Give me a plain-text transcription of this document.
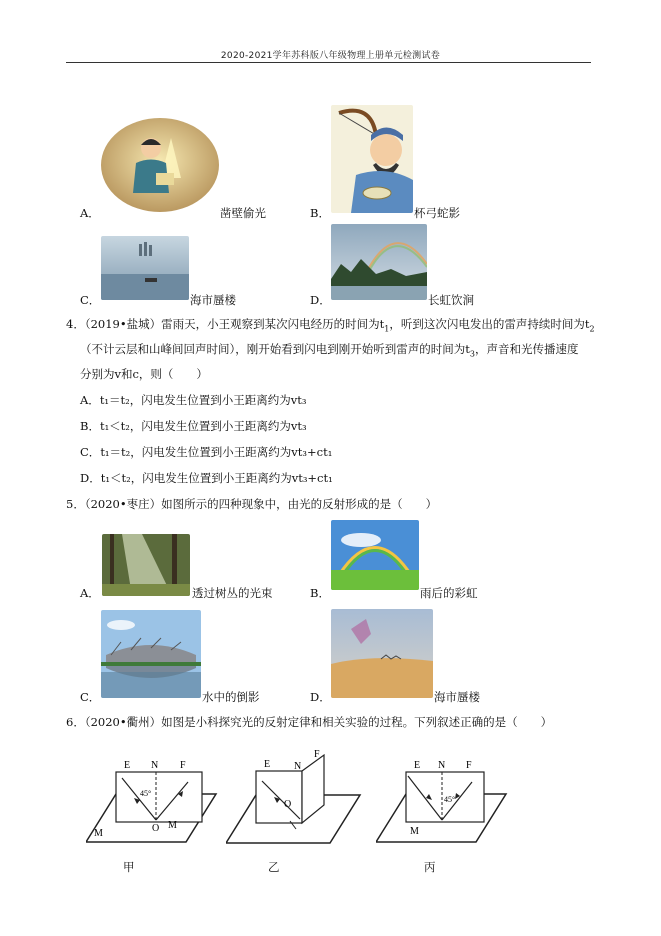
2020-2021学年苏科版八年级物理上册单元检测试卷
A．	凿壁偷光	B．	杯弓蛇影
C．	海市蜃楼	D．	长虹饮涧
4．（2019•盐城）雷雨天，小王观察到某次闪电经历的时间为$t_1$，听到这次闪电发出的雷声持续时间为$t_2$
（不计云层和山峰间回声时间），刚开始看到闪电到刚开始听到雷声的时间为$t_3$，声音和光传播速度
分别为v和c，则（　　）
A．t₁＝t₂，闪电发生位置到小王距离约为vt₃
B．t₁＜t₂，闪电发生位置到小王距离约为vt₃
C．t₁＝t₂，闪电发生位置到小王距离约为vt₃+ct₁
D．t₁＜t₂，闪电发生位置到小王距离约为vt₃+ct₁
5．（2020•枣庄）如图所示的四种现象中，由光的反射形成的是（　　）
A．	透过树丛的光束	B．	雨后的彩虹
C．	水中的倒影	D．	海市蜃楼
6．（2020•衢州）如图是小科探究光的反射定律和相关实验的过程。下列叙述正确的是（　　）
E N F
M	O M
45°
甲
E N
F
O
乙
E N F
M
45°
丙
